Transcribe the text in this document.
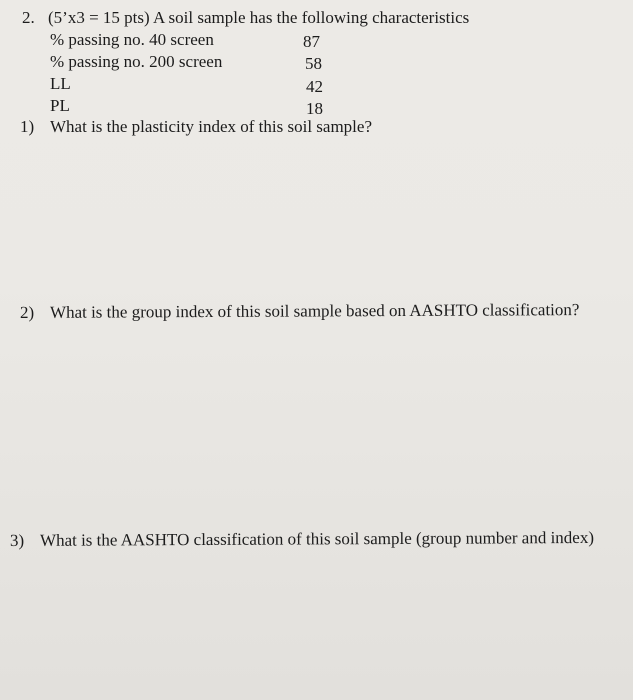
2. (5’x3 = 15 pts) A soil sample has the following characteristics
% passing no. 40 screen	87
% passing no. 200 screen	58
LL	42
PL	18
1) What is the plasticity index of this soil sample?
2) What is the group index of this soil sample based on AASHTO classification?
3) What is the AASHTO classification of this soil sample (group number and index)
